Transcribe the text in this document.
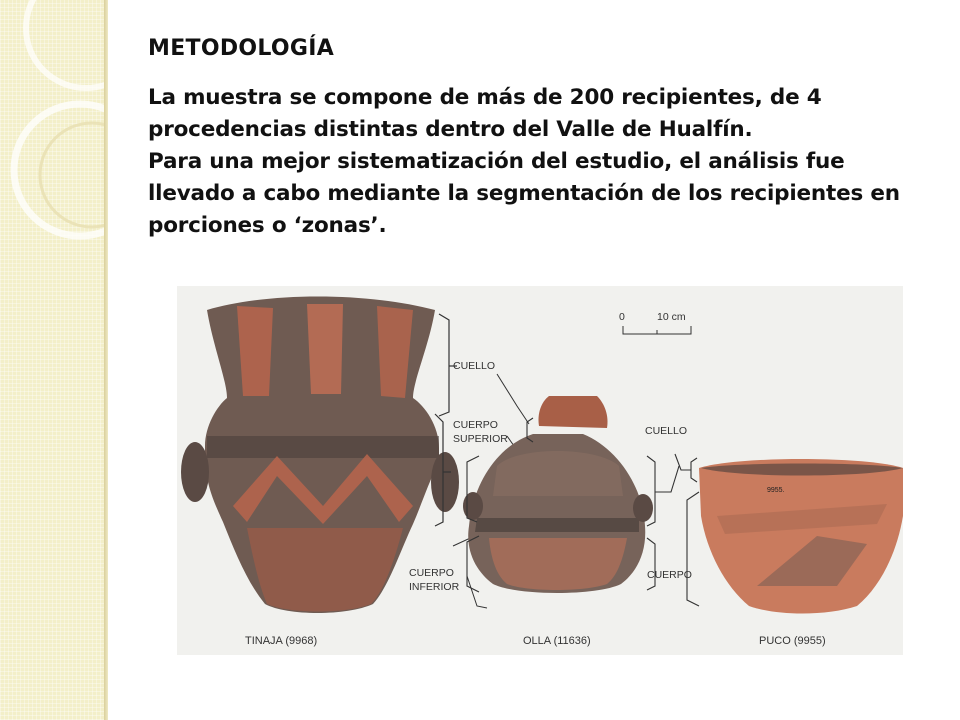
METODOLOGÍA

La muestra se compone de más de 200 recipientes, de 4 procedencias distintas dentro del Valle de Hualfín.

Para una mejor sistematización del estudio, el análisis fue llevado a cabo mediante la segmentación de los recipientes en porciones o ‘zonas’.

CUELLO
CUERPO
SUPERIOR
CUERPO
INFERIOR
CUELLO
9955.
CUERPO
0	10 cm
TINAJA (9968)	OLLA (11636)	PUCO (9955)
